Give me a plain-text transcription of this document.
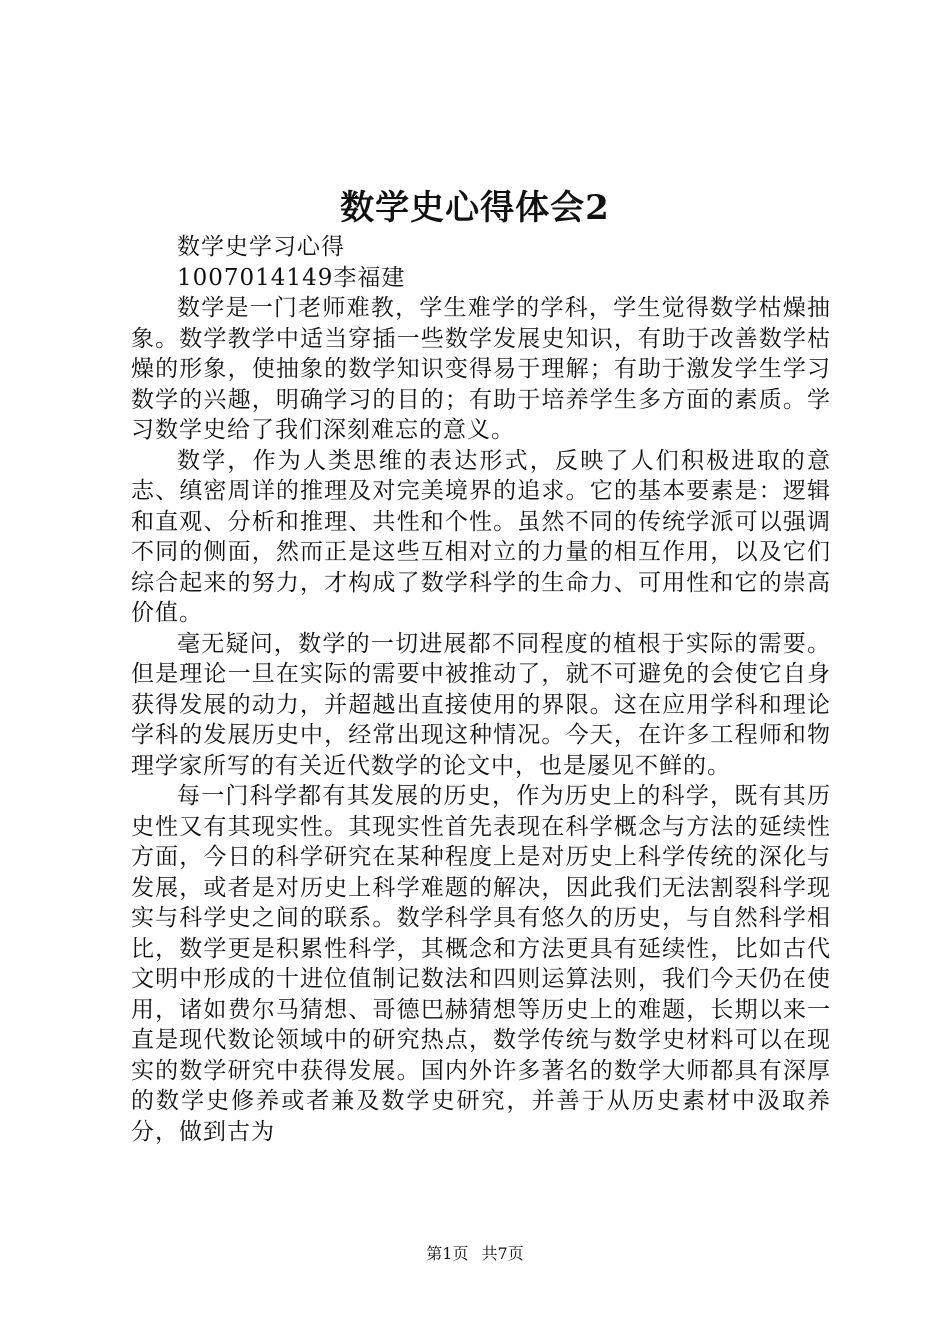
数学史心得体会2

数学史学习心得

1007014149李福建

数学是一门老师难教，学生难学的学科，学生觉得数学枯燥抽象。数学教学中适当穿插一些数学发展史知识，有助于改善数学枯燥的形象，使抽象的数学知识变得易于理解；有助于激发学生学习数学的兴趣，明确学习的目的；有助于培养学生多方面的素质。学习数学史给了我们深刻难忘的意义。

数学，作为人类思维的表达形式，反映了人们积极进取的意志、缜密周详的推理及对完美境界的追求。它的基本要素是：逻辑和直观、分析和推理、共性和个性。虽然不同的传统学派可以强调不同的侧面，然而正是这些互相对立的力量的相互作用，以及它们综合起来的努力，才构成了数学科学的生命力、可用性和它的崇高价值。

毫无疑问，数学的一切进展都不同程度的植根于实际的需要。但是理论一旦在实际的需要中被推动了，就不可避免的会使它自身获得发展的动力，并超越出直接使用的界限。这在应用学科和理论学科的发展历史中，经常出现这种情况。今天，在许多工程师和物理学家所写的有关近代数学的论文中，也是屡见不鲜的。

每一门科学都有其发展的历史，作为历史上的科学，既有其历史性又有其现实性。其现实性首先表现在科学概念与方法的延续性方面，今日的科学研究在某种程度上是对历史上科学传统的深化与发展，或者是对历史上科学难题的解决，因此我们无法割裂科学现实与科学史之间的联系。数学科学具有悠久的历史，与自然科学相比，数学更是积累性科学，其概念和方法更具有延续性，比如古代文明中形成的十进位值制记数法和四则运算法则，我们今天仍在使用，诸如费尔马猜想、哥德巴赫猜想等历史上的难题，长期以来一直是现代数论领域中的研究热点，数学传统与数学史材料可以在现实的数学研究中获得发展。国内外许多著名的数学大师都具有深厚的数学史修养或者兼及数学史研究，并善于从历史素材中汲取养分，做到古为

第1页 共7页
